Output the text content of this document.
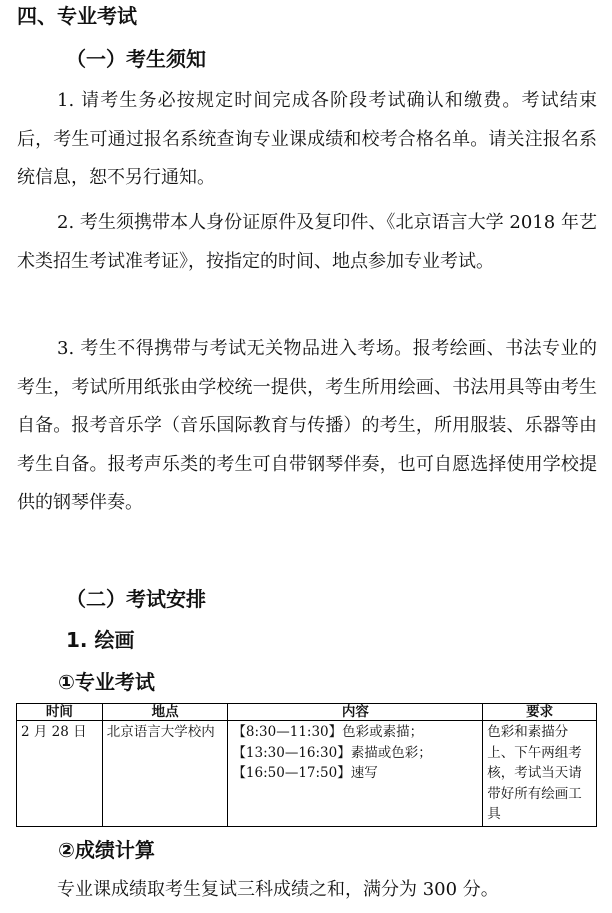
四、专业考试
（一）考生须知
1. 请考生务必按规定时间完成各阶段考试确认和缴费。考试结束后，考生可通过报名系统查询专业课成绩和校考合格名单。请关注报名系统信息，恕不另行通知。
2. 考生须携带本人身份证原件及复印件、《北京语言大学 2018 年艺术类招生考试准考证》，按指定的时间、地点参加专业考试。
3. 考生不得携带与考试无关物品进入考场。报考绘画、书法专业的考生，考试所用纸张由学校统一提供，考生所用绘画、书法用具等由考生自备。报考音乐学（音乐国际教育与传播）的考生，所用服装、乐器等由考生自备。报考声乐类的考生可自带钢琴伴奏，也可自愿选择使用学校提供的钢琴伴奏。
（二）考试安排
1. 绘画
①专业考试
时间	地点	内容	要求
2 月 28 日	北京语言大学校内	【8:30—11:30】色彩或素描；
【13:30—16:30】素描或色彩；
【16:50—17:50】速写	色彩和素描分上、下午两组考核，考试当天请带好所有绘画工具
②成绩计算
专业课成绩取考生复试三科成绩之和，满分为 300 分。
